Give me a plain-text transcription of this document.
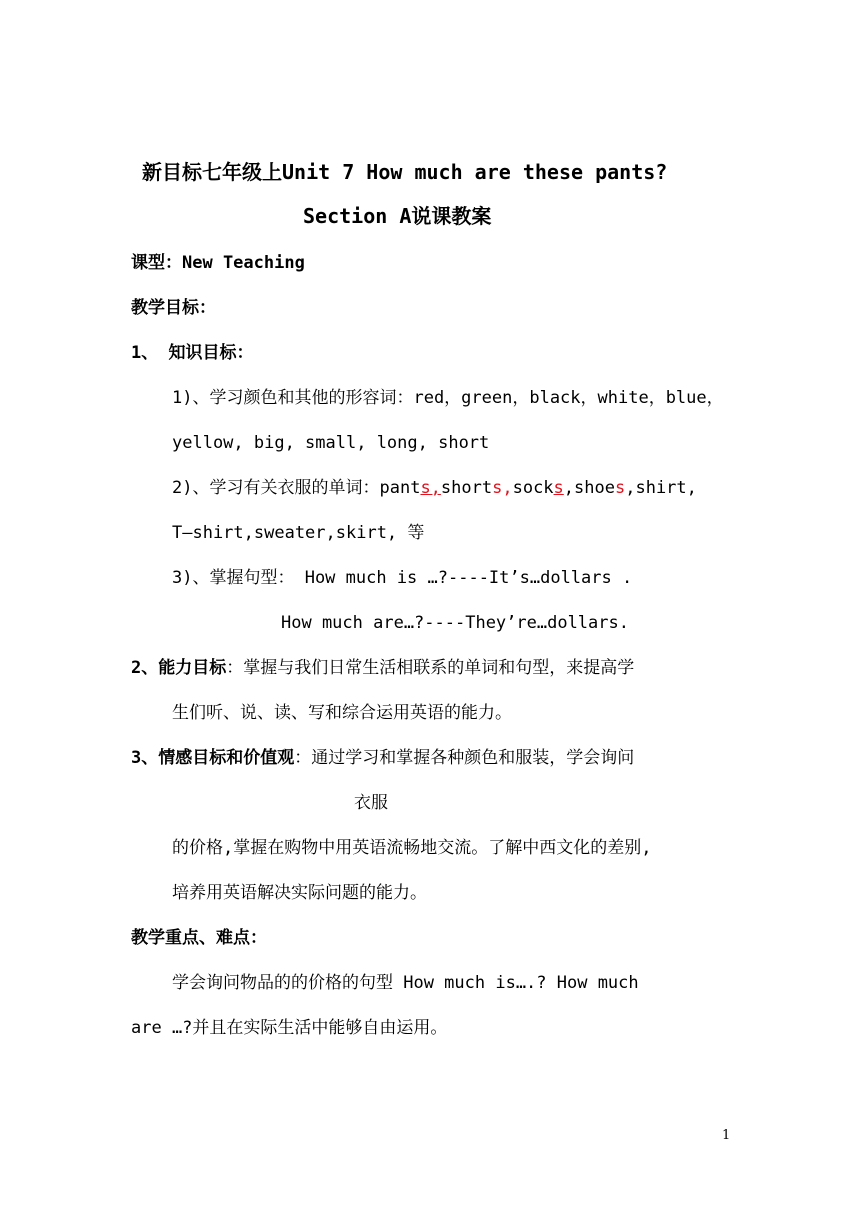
新目标七年级上Unit 7 How much are these pants?
Section A说课教案
课型：New Teaching
教学目标：
1、 知识目标：
1)、学习颜色和其他的形容词：red，green，black，white，blue，
yellow, big, small, long, short
2)、学习有关衣服的单词：pants,shorts,socks,shoes,shirt,
T—shirt,sweater,skirt, 等
3)、掌握句型： How much is …?----It’s…dollars .
How much are…?----They’re…dollars.
2、能力目标：掌握与我们日常生活相联系的单词和句型，来提高学
生们听、说、读、写和综合运用英语的能力。
3、情感目标和价值观：通过学习和掌握各种颜色和服装，学会询问
衣服
的价格,掌握在购物中用英语流畅地交流。了解中西文化的差别,
培养用英语解决实际问题的能力。
教学重点、难点：
学会询问物品的的价格的句型 How much is….? How much
are …?并且在实际生活中能够自由运用。
1
